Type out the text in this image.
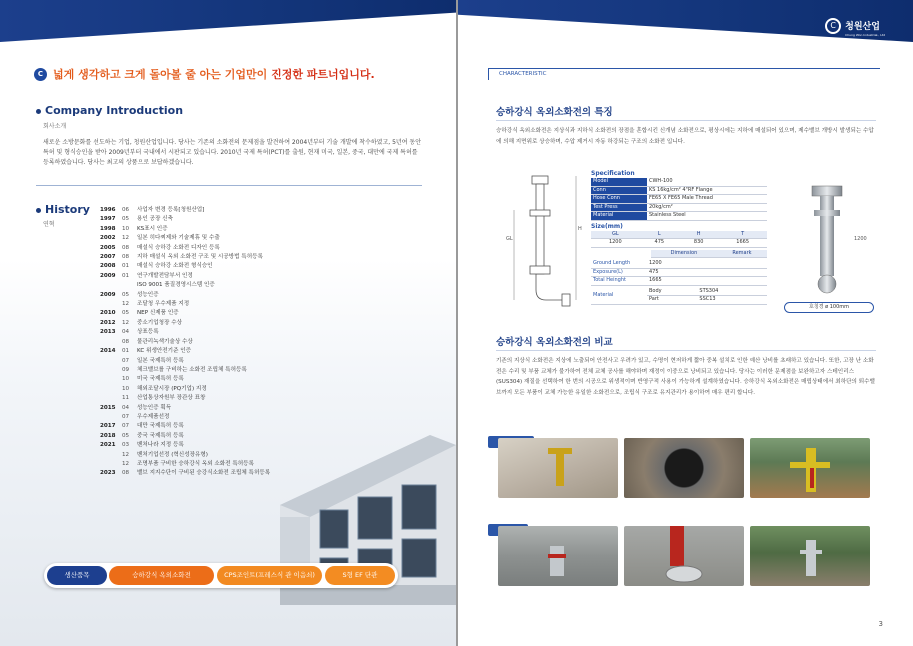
C 넓게 생각하고 크게 돌아볼 줄 아는 기업만이 진정한 파트너입니다.
Company Introduction
회사소개
새로운 소방문화를 선도하는 기업, 청원산업입니다. 당사는 기존의 소화전의 문제점을 발견하여 2004년부터 기술 개발에 착수하였고, 5년여 동안 특허 및 형식승인을 받아 2009년부터 국내에서 시판되고 있습니다. 2010년 국제 특허(PCT)를 출원, 현재 미국, 일본, 중국, 대만에 국제 특허를 등록하였습니다. 당사는 최고의 상품으로 보답하겠습니다.
History
연혁
1996	06	사업자 변경 등록[청원산업]
1997	05	용인 공장 신축
1998	10	KS표시 인증
2002	12	일본 히다찌제와 기술제휴 및 수출
2005	08	매설식 승하강 소화전 디자인 등록
2007	08	지하 매설식 옥외 소화전 구조 및 시공방법 특허등록
2008	01	매설식 승하강 소화전 형식승인
2009	01	연구개발전담부서 인정
ISO 9001 품질경영시스템 인증
2009	05	성능인증
12	조달청 우수제품 지정
2010	05	NEP 신제품 인증
2012	12	중소기업청장 수상
2013	04	상표등록
08	물관리녹색기술상 수상
2014	01	KC 위생안전기준 인증
07	일본 국제특허 등록
09	체크밸브를 구비하는 소화전 조립체 특허등록
10	미국 국제특허 등록
10	해외조달시장 (PQ기업) 지정
11	산업통상자원부 장관상 표창
2015	04	성능인증 획득
07	우수제품선정
2017	07	대만 국제특허 등록
2018	05	중국 국제특허 등록
2021	03	벤처나라 지정 등록
12	벤처기업선정 (혁신성장유형)
12	조명부품 구비한 승하강식 옥외 소화전 특허등록
2023	08	밸브 지지수단이 구비된 승강식소화전 조립체 특허등록
생산품목	승하강식 옥외소화전	CPS조인트(프레스식 관 이음쇠)	S형 EF 단관
C	청원산업
Chung Won Industrial., Ltd
CHARACTERISTIC
승하강식 옥외소화전의 특징
승하강식 옥외소화전은 지상식과 지하식 소화전의 장점을 혼합시킨 신개념 소화전으로, 평상시에는 지하에 매설되어 있으며, 제수밸브 개방시 발생되는 수압에 의해 지면위로 상승하며, 수압 제거시 자동 하강되는 구조의 소화전 입니다.
H
GL
Specification
Model	CWH-100
Conn	KS 16kg/cm² 4"RF Flange
Hose Conn	FE65 X FE65 Male Thread
Test Press	20kg/cm²
Material	Stainless Steel
Size(mm)
GL	L	H	T
1200	475	830	1665
Dimension	Remark
Ground Length	1200
Exposure(L)	475
Total Heinght	1665
Material	Body	STS304
	Part	SSC13
1200
호칭경 ø 100mm
승하강식 옥외소화전의 비교
기존의 지상식 소화전은 지상에 노출되어 안전사고 우려가 있고, 수명이 현저하게 짧아 중복 설치로 인한 예산 낭비를 초래하고 있습니다. 또한, 고장 난 소화전은 수리 및 부품 교체가 불가하여 전체 교체 공사를 해야하며 재정이 이중으로 낭비되고 있습니다. 당사는 이러한 문제점을 보완하고자 스테인리스(SUS304) 재질을 선택하여 한 번의 시공으로 위생적이며 반영구적 사용이 가능하게 설계하였습니다. 승하강식 옥외소화전은 매립상태에서 최하단의 퇴수밸브까지 모든 부품이 교체 가능한 유일한 소화전으로, 조립식 구조로 유지관리가 용이하여 매우 편리 합니다.
3
